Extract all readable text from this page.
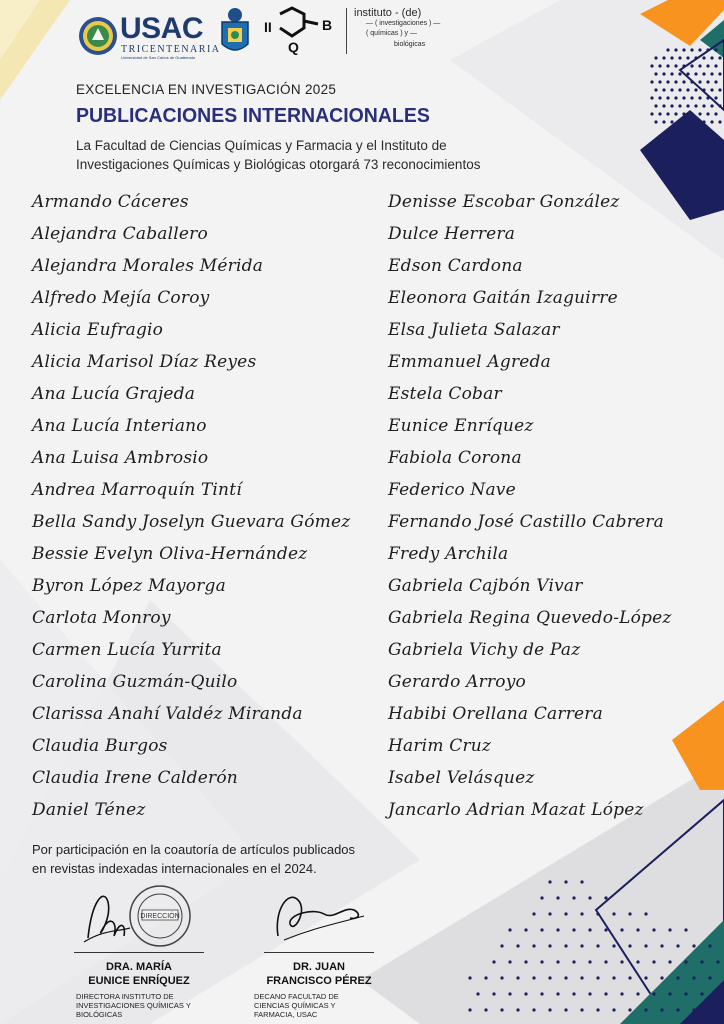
USAC
TRICENTENARIA
Universidad de San Carlos de Guatemala
II	B
Q
instituto - (de)
— ( investigaciones ) —
( químicas ) y —
biológicas
EXCELENCIA EN INVESTIGACIÓN 2025
PUBLICACIONES INTERNACIONALES
La Facultad de Ciencias Químicas y Farmacia y el Instituto de
Investigaciones Químicas y Biológicas otorgará 73 reconocimientos
Armando Cáceres
Alejandra Caballero
Alejandra Morales Mérida
Alfredo Mejía Coroy
Alicia Eufragio
Alicia Marisol Díaz Reyes
Ana Lucía Grajeda
Ana Lucía Interiano
Ana Luisa Ambrosio
Andrea Marroquín Tintí
Bella Sandy Joselyn Guevara Gómez
Bessie Evelyn Oliva-Hernández
Byron López Mayorga
Carlota Monroy
Carmen Lucía Yurrita
Carolina Guzmán-Quilo
Clarissa Anahí Valdéz Miranda
Claudia Burgos
Claudia Irene Calderón
Daniel Ténez
Denisse Escobar González
Dulce Herrera
Edson Cardona
Eleonora Gaitán Izaguirre
Elsa Julieta Salazar
Emmanuel Agreda
Estela Cobar
Eunice Enríquez
Fabiola Corona
Federico Nave
Fernando José Castillo Cabrera
Fredy Archila
Gabriela Cajbón Vivar
Gabriela Regina Quevedo-López
Gabriela Vichy de Paz
Gerardo Arroyo
Habibi Orellana Carrera
Harim Cruz
Isabel Velásquez
Jancarlo Adrian Mazat López
Por participación en la coautoría de artículos publicados
en revistas indexadas internacionales en el 2024.
DIRECCIÓN
DRA. MARÍA
EUNICE ENRÍQUEZ
DIRECTORA INSTITUTO DE
INVESTIGACIONES QUÍMICAS Y
BIOLÓGICAS
DR. JUAN
FRANCISCO PÉREZ
DECANO FACULTAD DE
CIENCIAS QUÍMICAS Y
FARMACIA, USAC
